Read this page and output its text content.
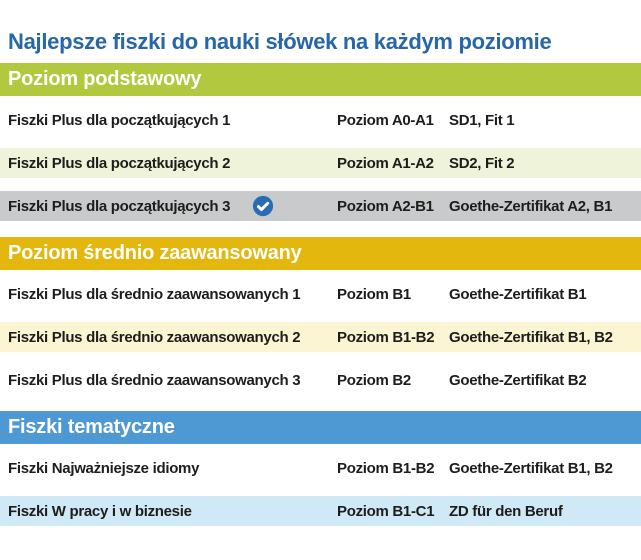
Najlepsze fiszki do nauki słówek na każdym poziomie
Poziom podstawowy
Fiszki Plus dla początkujących 1	Poziom A0-A1	SD1, Fit 1
Fiszki Plus dla początkujących 2	Poziom A1-A2	SD2, Fit 2
Fiszki Plus dla początkujących 3	Poziom A2-B1	Goethe-Zertifikat A2, B1
Poziom średnio zaawansowany
Fiszki Plus dla średnio zaawansowanych 1 Poziom B1	Goethe-Zertifikat B1
Fiszki Plus dla średnio zaawansowanych 2 Poziom B1-B2 Goethe-Zertifikat B1, B2
Fiszki Plus dla średnio zaawansowanych 3 Poziom B2	Goethe-Zertifikat B2
Fiszki tematyczne
Fiszki Najważniejsze idiomy	Poziom B1-B2 Goethe-Zertifikat B1, B2
Fiszki W pracy i w biznesie	Poziom B1-C1 ZD für den Beruf
